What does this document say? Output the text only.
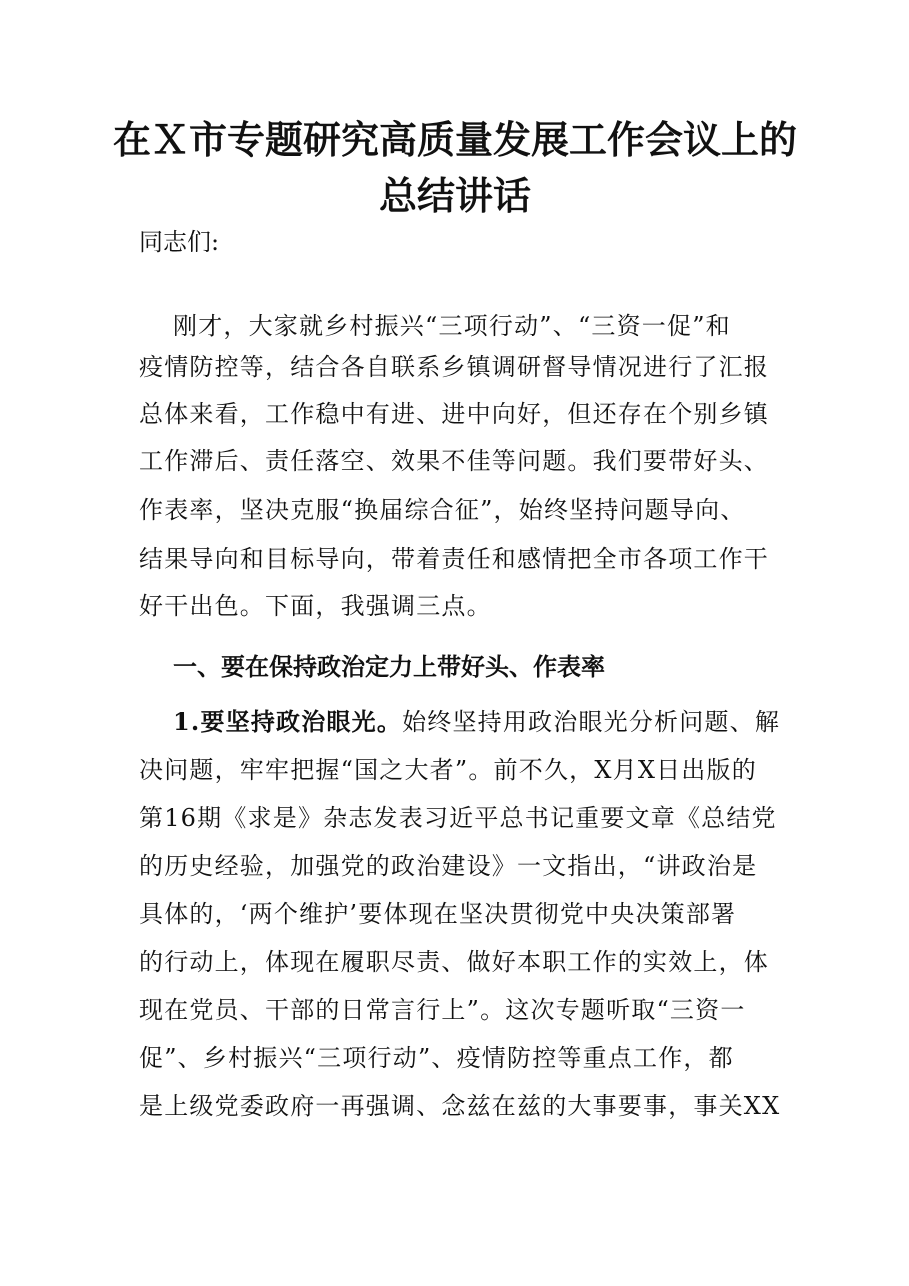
在Ｘ市专题研究高质量发展工作会议上的
总结讲话
同志们:
刚才，大家就乡村振兴“三项行动”、“三资一促”和
疫情防控等，结合各自联系乡镇调研督导情况进行了汇报
总体来看，工作稳中有进、进中向好，但还存在个别乡镇
工作滞后、责任落空、效果不佳等问题。我们要带好头、
作表率，坚决克服“换届综合征”，始终坚持问题导向、
结果导向和目标导向，带着责任和感情把全市各项工作干
好干出色。下面，我强调三点。
一、要在保持政治定力上带好头、作表率
1.要坚持政治眼光。始终坚持用政治眼光分析问题、解
决问题，牢牢把握“国之大者”。前不久，X月X日出版的
第16期《求是》杂志发表习近平总书记重要文章《总结党
的历史经验，加强党的政治建设》一文指出，“讲政治是
具体的，‘两个维护’要体现在坚决贯彻党中央决策部署
的行动上，体现在履职尽责、做好本职工作的实效上，体
现在党员、干部的日常言行上”。这次专题听取“三资一
促”、乡村振兴“三项行动”、疫情防控等重点工作，都
是上级党委政府一再强调、念兹在兹的大事要事，事关XX
